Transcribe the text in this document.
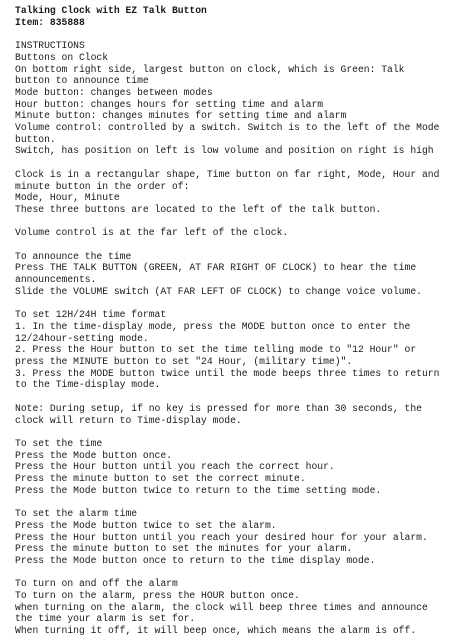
Talking Clock with EZ Talk Button
Item: 835888
INSTRUCTIONS
Buttons on Clock
On bottom right side, largest button on clock, which is Green: Talk
button to announce time
Mode button: changes between modes
Hour button: changes hours for setting time and alarm
Minute button: changes minutes for setting time and alarm
Volume control: controlled by a switch. Switch is to the left of the Mode
button.
Switch, has position on left is low volume and position on right is high
Clock is in a rectangular shape, Time button on far right, Mode, Hour and
minute button in the order of:
Mode, Hour, Minute
These three buttons are located to the left of the talk button.
Volume control is at the far left of the clock.
To announce the time
Press THE TALK BUTTON (GREEN, AT FAR RIGHT OF CLOCK) to hear the time
announcements.
Slide the VOLUME switch (AT FAR LEFT OF CLOCK) to change voice volume.
To set 12H/24H time format
1. In the time-display mode, press the MODE button once to enter the
12/24hour-setting mode.
2. Press the Hour button to set the time telling mode to "12 Hour" or
press the MINUTE button to set "24 Hour, (military time)".
3. Press the MODE button twice until the mode beeps three times to return
to the Time-display mode.
Note: During setup, if no key is pressed for more than 30 seconds, the
clock will return to Time-display mode.
To set the time
Press the Mode button once.
Press the Hour button until you reach the correct hour.
Press the minute button to set the correct minute.
Press the Mode button twice to return to the time setting mode.
To set the alarm time
Press the Mode button twice to set the alarm.
Press the Hour button until you reach your desired hour for your alarm.
Press the minute button to set the minutes for your alarm.
Press the Mode button once to return to the time display mode.
To turn on and off the alarm
To turn on the alarm, press the HOUR button once.
when turning on the alarm, the clock will beep three times and announce
the time your alarm is set for.
When turning it off, it will beep once, which means the alarm is off.
